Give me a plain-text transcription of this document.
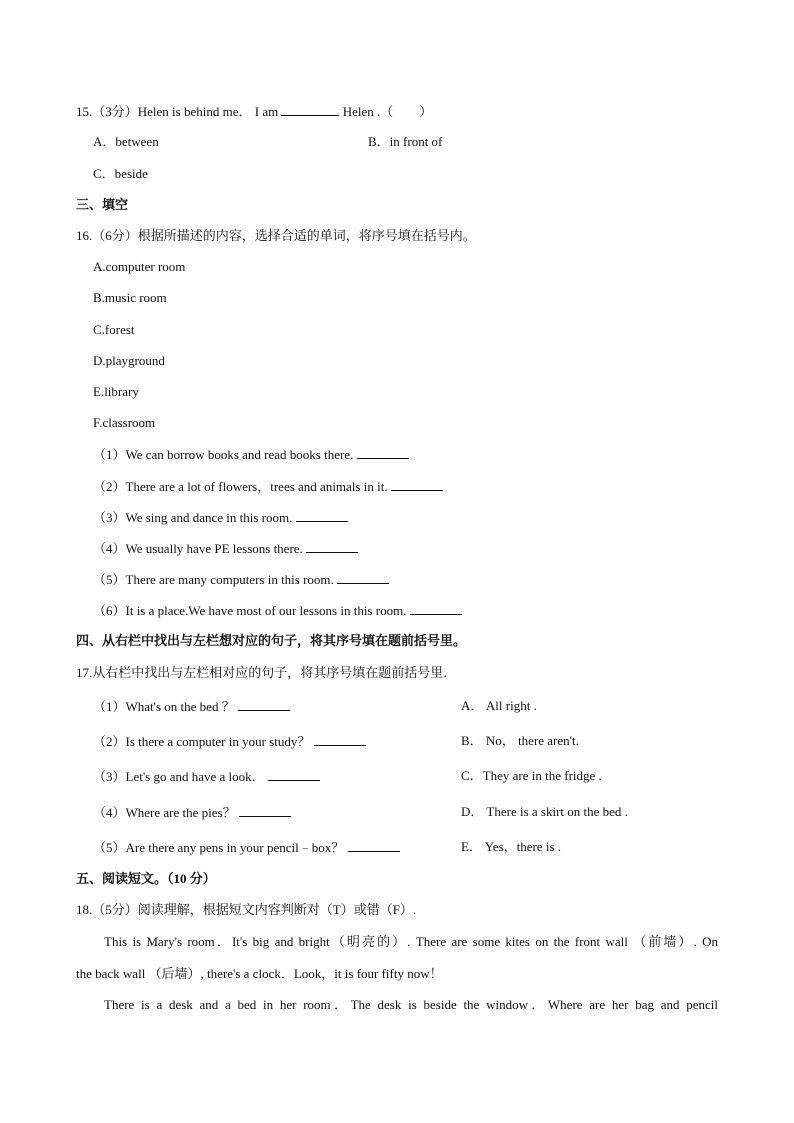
15.（3分）Helen is behind me． I am	Helen .（　　）
A．between	B．in front of
C．beside
三、填空
16.（6分）根据所描述的内容，选择合适的单词，将序号填在括号内。
A.computer room
B.music room
C.forest
D.playground
E.library
F.classroom
（1）We can borrow books and read books there.
（2）There are a lot of flowers，trees and animals in it.
（3）We sing and dance in this room.
（4）We usually have PE lessons there.
（5）There are many computers in this room.
（6）It is a place.We have most of our lessons in this room.
四、从右栏中找出与左栏想对应的句子，将其序号填在题前括号里。
17.从右栏中找出与左栏相对应的句子，将其序号填在题前括号里．
（1）What's on the bed ？
（2）Is there a computer in your study？
（3）Let's go and have a look．
（4）Where are the pies？
（5）Are there any pens in your pencil﹣box？
A． All right .
B． No， there aren't.
C．They are in the fridge .
D． There is a skirt on the bed .
E． Yes，there is .
五、阅读短文。（10 分）
18.（5分）阅读理解，根据短文内容判断对（T）或错（F）.
This is Mary's room．It's big and bright（明亮的）. There are some kites on the front wall （前墙）. On
the back wall （后墙）, there's a clock．Look，it is four fifty now！
There is a desk and a bed in her room．The desk is beside the window．Where are her bag and pencil
